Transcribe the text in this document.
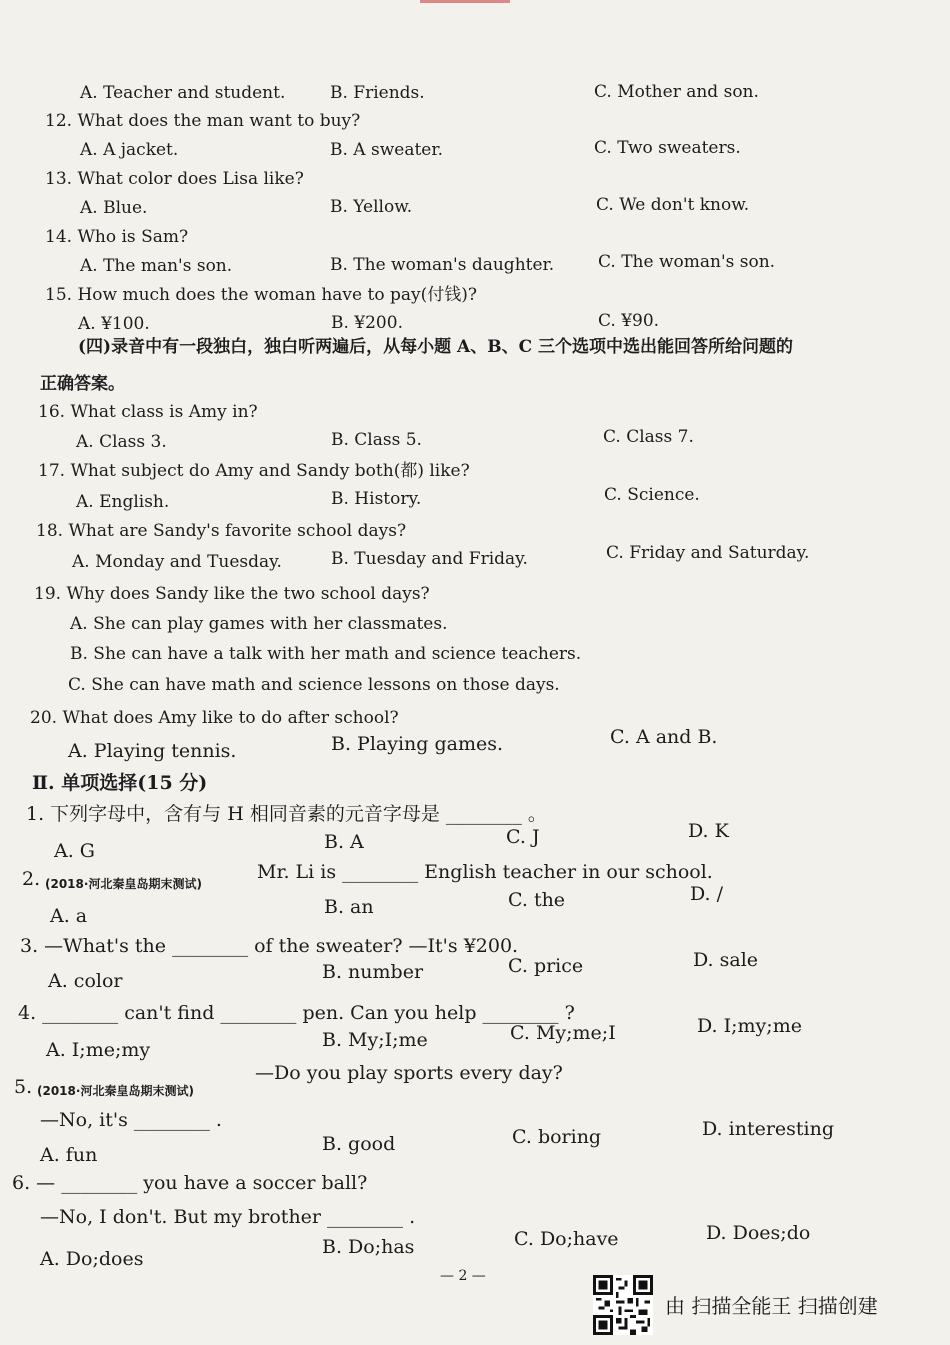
A. Teacher and student.	B. Friends.	C. Mother and son.
12. What does the man want to buy?
A. A jacket.	B. A sweater.	C. Two sweaters.
13. What color does Lisa like?
A. Blue.	B. Yellow.	C. We don't know.
14. Who is Sam?
A. The man's son.	B. The woman's daughter.	C. The woman's son.
15. How much does the woman have to pay(付钱)?
A. ¥100.	B. ¥200.	C. ¥90.
(四)录音中有一段独白，独白听两遍后，从每小题 A、B、C 三个选项中选出能回答所给问题的
正确答案。
16. What class is Amy in?
A. Class 3.	B. Class 5.	C. Class 7.
17. What subject do Amy and Sandy both(都) like?
A. English.	B. History.	C. Science.
18. What are Sandy's favorite school days?
A. Monday and Tuesday.	B. Tuesday and Friday.	C. Friday and Saturday.
19. Why does Sandy like the two school days?
A. She can play games with her classmates.
B. She can have a talk with her math and science teachers.
C. She can have math and science lessons on those days.
20. What does Amy like to do after school?
A. Playing tennis.	B. Playing games.	C. A and B.
Ⅱ. 单项选择(15 分)
1. 下列字母中，含有与 H 相同音素的元音字母是 ________ 。
A. G	B. A	C. J	D. K
2. (2018·河北秦皇岛期末测试)
Mr. Li is ________ English teacher in our school.
A. a	B. an	C. the	D. /
3. —What's the ________ of the sweater? —It's ¥200.
A. color	B. number	C. price	D. sale
4. ________ can't find ________ pen. Can you help ________ ?
A. I;me;my	B. My;I;me	C. My;me;I	D. I;my;me
5. (2018·河北秦皇岛期末测试)
—Do you play sports every day?
—No, it's ________ .
A. fun	B. good	C. boring	D. interesting
6. — ________ you have a soccer ball?
—No, I don't. But my brother ________ .
A. Do;does
B. Do;has	C. Do;have	D. Does;do
— 2 —
由 扫描全能王 扫描创建
